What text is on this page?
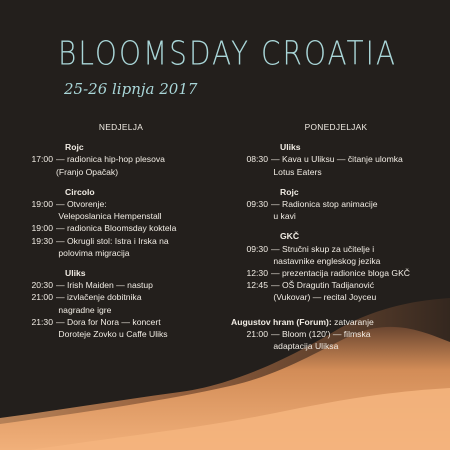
BLOOMSDAY CROATIA
25-26 lipnja 2017
NEDJELJA
Rojc
17:00 — radionica hip-hop plesova
(Franjo Opačak)
Circolo
19:00 — Otvorenje:
Veleposlanica Hempenstall
19:00 — radionica Bloomsday koktela
19:30 — Okrugli stol: Istra i Irska na
polovima migracija
Uliks
20:30 — Irish Maiden — nastup
21:00 — izvlačenje dobitnika
nagradne igre
21:30 — Dora for Nora — koncert
Doroteje Zovko u Caffe Uliks
PONEDJELJAK
Uliks
08:30 — Kava u Uliksu — čitanje ulomka
Lotus Eaters
Rojc
09:30 — Radionica stop animacije
u kavi
GKČ
09:30 — Stručni skup za učitelje i
nastavnike engleskog jezika
12:30 — prezentacija radionice bloga GKČ
12:45 — OŠ Dragutin Tadijanović
(Vukovar) — recital Joyceu
Augustov hram (Forum): zatvaranje
21:00 — Bloom (120') — filmska
adaptacija Uliksa
